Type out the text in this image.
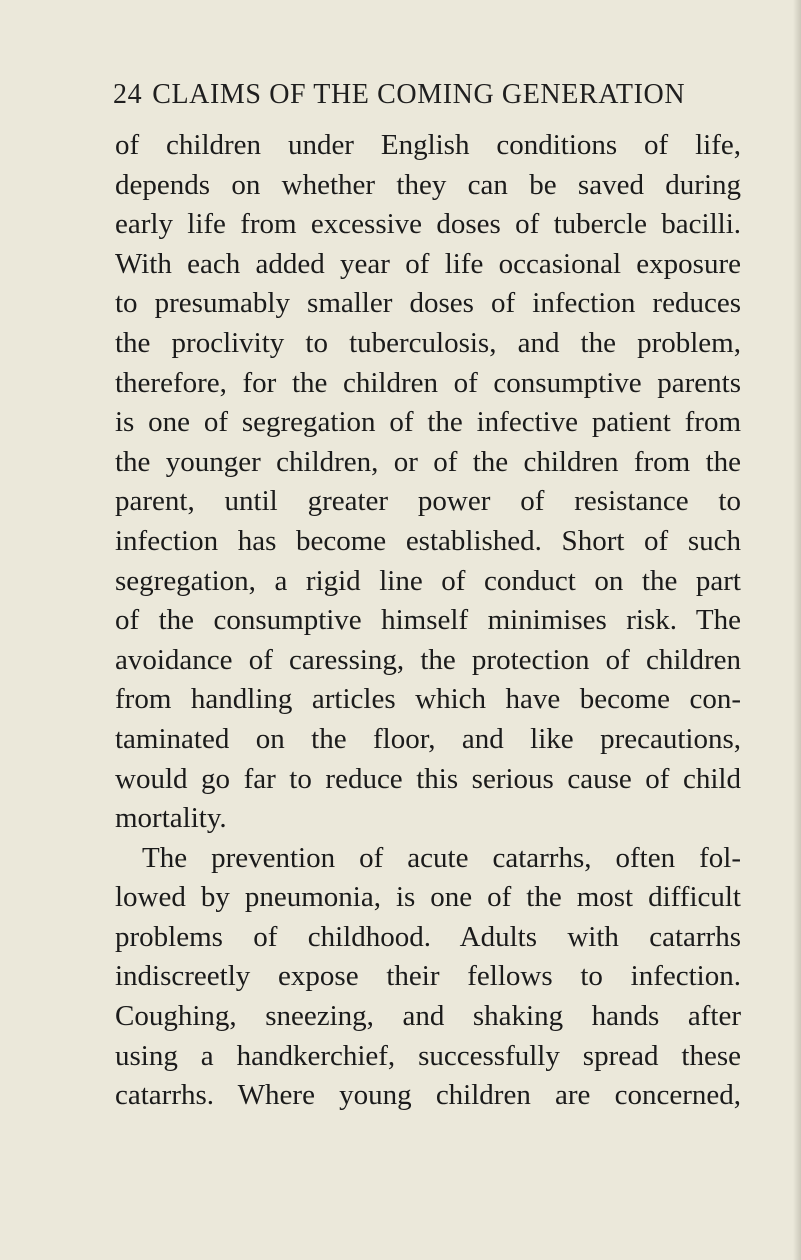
24 CLAIMS OF THE COMING GENERATION
of children under English conditions of life,
depends on whether they can be saved during
early life from excessive doses of tubercle bacilli.
With each added year of life occasional exposure
to presumably smaller doses of infection reduces
the proclivity to tuberculosis, and the problem,
therefore, for the children of consumptive parents
is one of segregation of the infective patient from
the younger children, or of the children from the
parent, until greater power of resistance to
infection has become established. Short of such
segregation, a rigid line of conduct on the part
of the consumptive himself minimises risk. The
avoidance of caressing, the protection of children
from handling articles which have become con-
taminated on the floor, and like precautions,
would go far to reduce this serious cause of child
mortality.
The prevention of acute catarrhs, often fol-
lowed by pneumonia, is one of the most difficult
problems of childhood. Adults with catarrhs
indiscreetly expose their fellows to infection.
Coughing, sneezing, and shaking hands after
using a handkerchief, successfully spread these
catarrhs. Where young children are concerned,
